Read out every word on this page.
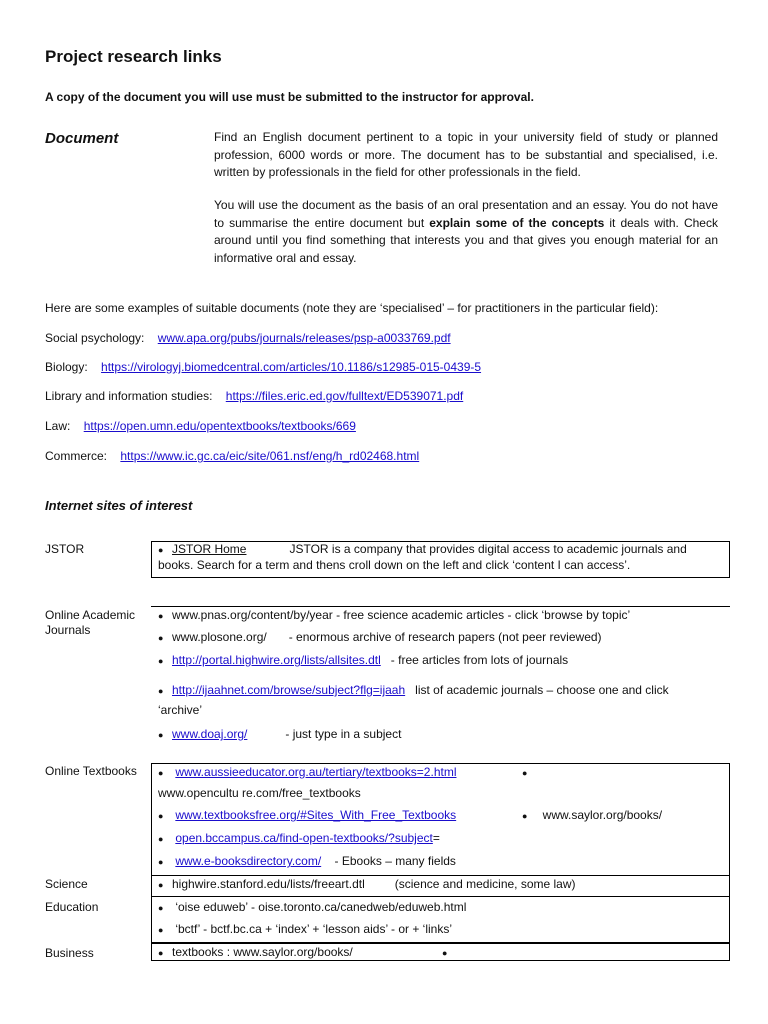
Project research links
A copy of the document you will use must be submitted to the instructor for approval.
Document	Find an English document pertinent to a topic in your university field of study or planned profession, 6000 words or more. The document has to be substantial and specialised, i.e. written by professionals in the field for other professionals in the field.
You will use the document as the basis of an oral presentation and an essay. You do not have to summarise the entire document but explain some of the concepts it deals with. Check around until you find something that interests you and that gives you enough material for an informative oral and essay.
Here are some examples of suitable documents (note they are ‘specialised’ – for practitioners in the particular field):
Social psychology: www.apa.org/pubs/journals/releases/psp-a0033769.pdf
Biology: https://virologyj.biomedcentral.com/articles/10.1186/s12985-015-0439-5
Library and information studies: https://files.eric.ed.gov/fulltext/ED539071.pdf
Law: https://open.umn.edu/opentextbooks/textbooks/669
Commerce: https://www.ic.gc.ca/eic/site/061.nsf/eng/h_rd02468.html
Internet sites of interest
JSTOR	● JSTOR Home	JSTOR is a company that provides digital access to academic journals and
books. Search for a term and thens croll down on the left and click ‘content I can access’.
Online Academic
Journals
● www.pnas.org/content/by/year - free science academic articles - click ‘browse by topic’
● www.plosone.org/ - enormous archive of research papers (not peer reviewed)
● http://portal.highwire.org/lists/allsites.dtl - free articles from lots of journals
● http://ijaahnet.com/browse/subject?flg=ijaah list of academic journals – choose one and click
‘archive’
● www.doaj.org/	- just type in a subject
Online Textbooks ● www.aussieeducator.org.au/tertiary/textbooks=2.html	●
www.opencultu re.com/free_textbooks
● www.textbooksfree.org/#Sites_With_Free_Textbooks	● www.saylor.org/books/
● open.bccampus.ca/find-open-textbooks/?subject=
● www.e-booksdirectory.com/ - Ebooks – many fields
Science	● highwire.stanford.edu/lists/freeart.dtl	(science and medicine, some law)
Education	● ‘oise eduweb’ - oise.toronto.ca/canedweb/eduweb.html
● ‘bctf’ - bctf.bc.ca + ‘index’ + ‘lesson aids’ - or + ‘links’
Business	● textbooks : www.saylor.org/books/	●
